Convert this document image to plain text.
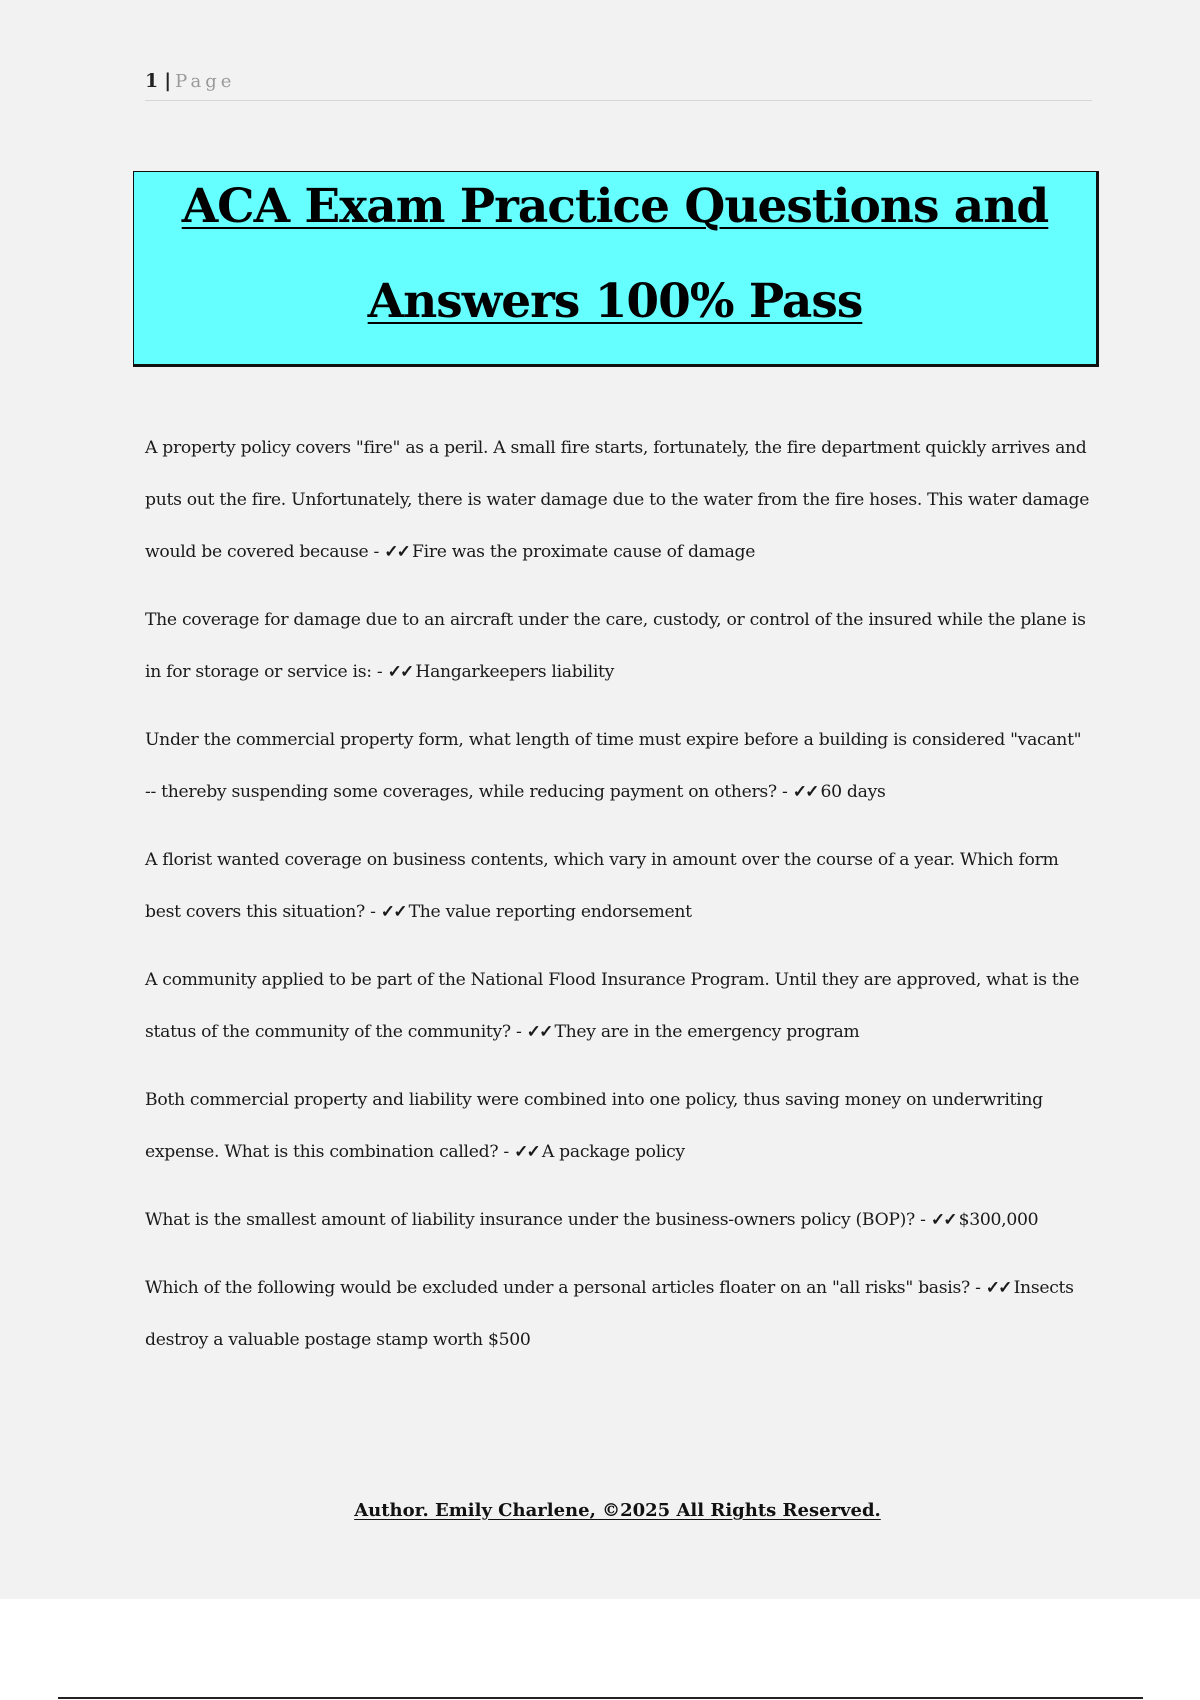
1 | Page
ACA Exam Practice Questions and
Answers 100% Pass

A property policy covers "fire" as a peril. A small fire starts, fortunately, the fire department quickly arrives and puts out the fire. Unfortunately, there is water damage due to the water from the fire hoses. This water damage would be covered because - ✓✓ Fire was the proximate cause of damage

The coverage for damage due to an aircraft under the care, custody, or control of the insured while the plane is in for storage or service is: - ✓✓ Hangarkeepers liability

Under the commercial property form, what length of time must expire before a building is considered "vacant" -- thereby suspending some coverages, while reducing payment on others? - ✓✓ 60 days

A florist wanted coverage on business contents, which vary in amount over the course of a year. Which form best covers this situation? - ✓✓ The value reporting endorsement

A community applied to be part of the National Flood Insurance Program. Until they are approved, what is the status of the community of the community? - ✓✓ They are in the emergency program

Both commercial property and liability were combined into one policy, thus saving money on underwriting expense. What is this combination called? - ✓✓ A package policy

What is the smallest amount of liability insurance under the business-owners policy (BOP)? - ✓✓ $300,000

Which of the following would be excluded under a personal articles floater on an "all risks" basis? - ✓✓ Insects destroy a valuable postage stamp worth $500

Author. Emily Charlene, ©2025 All Rights Reserved.
